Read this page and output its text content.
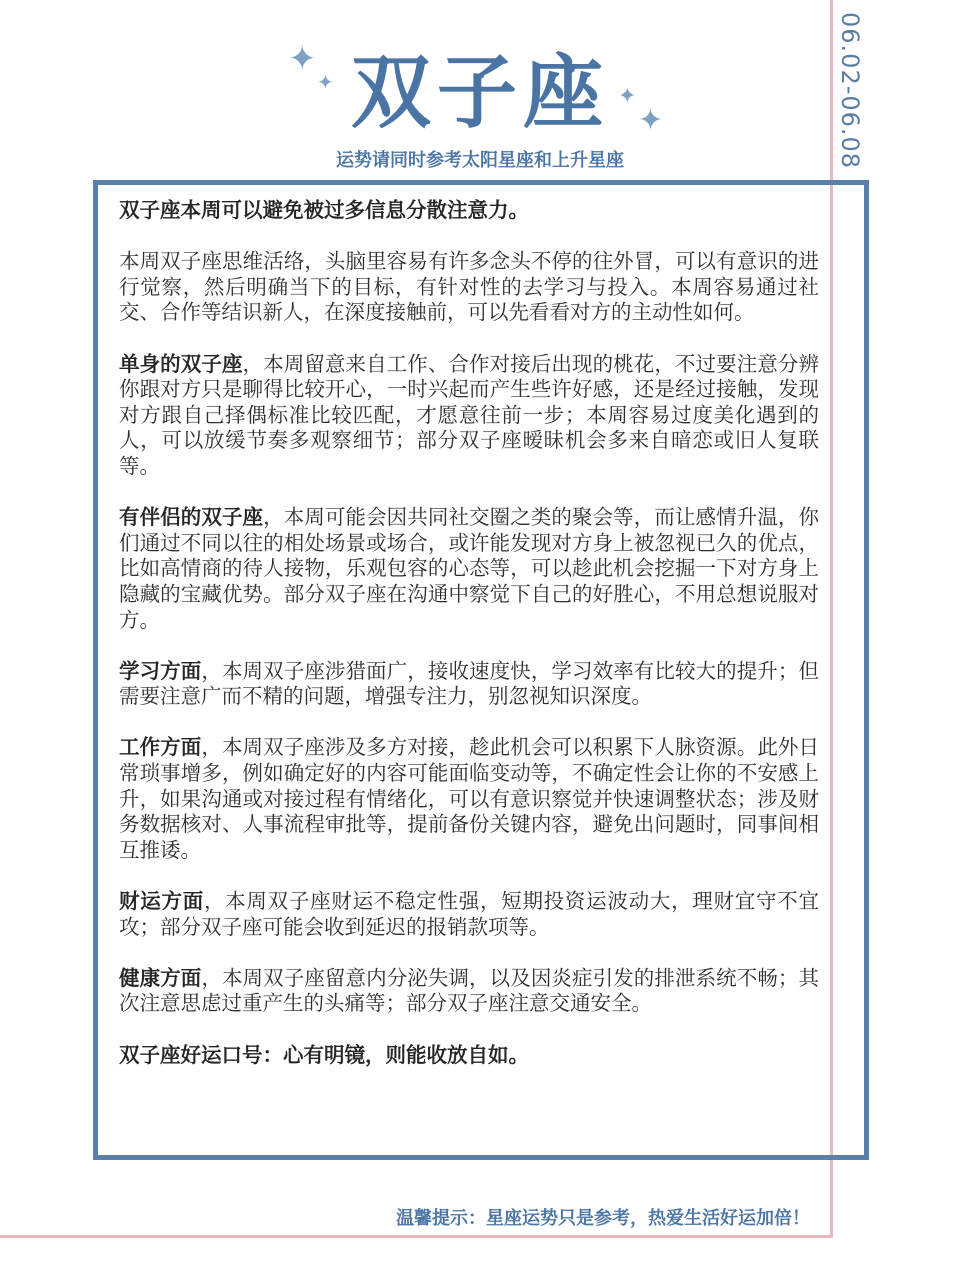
06.02-06.08
✦
✦
✦
✦
双子座
运势请同时参考太阳星座和上升星座

双子座本周可以避免被过多信息分散注意力。

本周双子座思维活络，头脑里容易有许多念头不停的往外冒，可以有意识的进行觉察，然后明确当下的目标，有针对性的去学习与投入。本周容易通过社交、合作等结识新人，在深度接触前，可以先看看对方的主动性如何。

单身的双子座，本周留意来自工作、合作对接后出现的桃花，不过要注意分辨你跟对方只是聊得比较开心，一时兴起而产生些许好感，还是经过接触，发现对方跟自己择偶标准比较匹配，才愿意往前一步；本周容易过度美化遇到的人，可以放缓节奏多观察细节；部分双子座暧昧机会多来自暗恋或旧人复联等。

有伴侣的双子座，本周可能会因共同社交圈之类的聚会等，而让感情升温，你们通过不同以往的相处场景或场合，或许能发现对方身上被忽视已久的优点，比如高情商的待人接物，乐观包容的心态等，可以趁此机会挖掘一下对方身上隐藏的宝藏优势。部分双子座在沟通中察觉下自己的好胜心，不用总想说服对方。

学习方面，本周双子座涉猎面广，接收速度快，学习效率有比较大的提升；但需要注意广而不精的问题，增强专注力，别忽视知识深度。

工作方面，本周双子座涉及多方对接，趁此机会可以积累下人脉资源。此外日常琐事增多，例如确定好的内容可能面临变动等，不确定性会让你的不安感上升，如果沟通或对接过程有情绪化，可以有意识察觉并快速调整状态；涉及财务数据核对、人事流程审批等，提前备份关键内容，避免出问题时，同事间相互推诿。

财运方面，本周双子座财运不稳定性强，短期投资运波动大，理财宜守不宜攻；部分双子座可能会收到延迟的报销款项等。

健康方面，本周双子座留意内分泌失调，以及因炎症引发的排泄系统不畅；其次注意思虑过重产生的头痛等；部分双子座注意交通安全。

双子座好运口号：心有明镜，则能收放自如。

温馨提示：星座运势只是参考，热爱生活好运加倍！
